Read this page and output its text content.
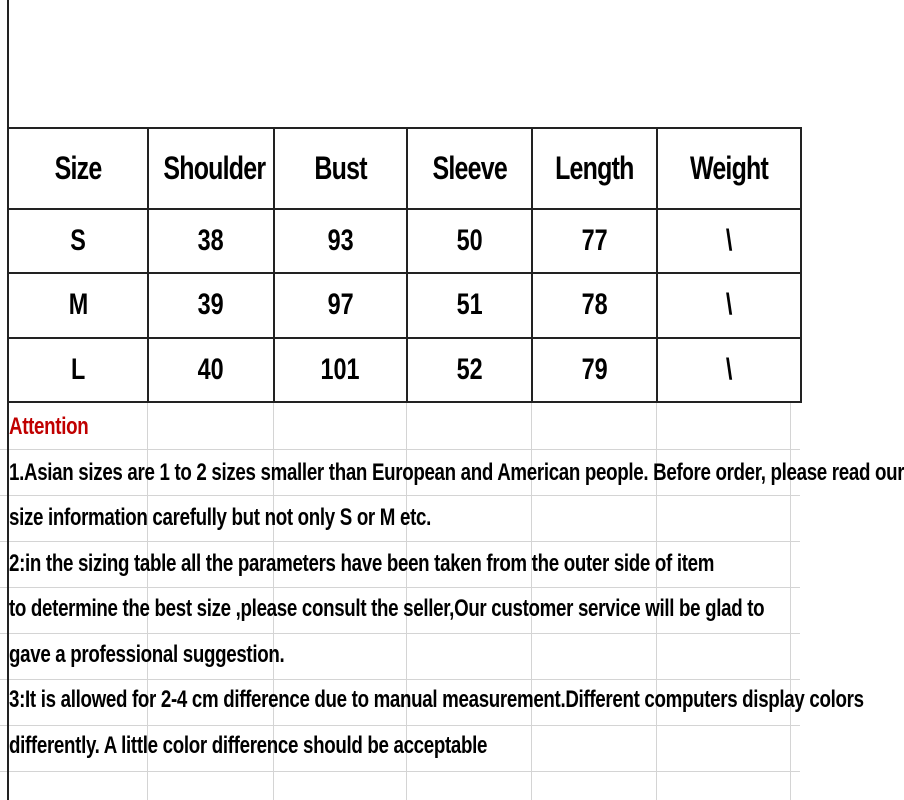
Size	Shoulder	Bust	Sleeve	Length	Weight
S	38	93	50	77	\
M	39	97	51	78	\
L	40	101	52	79	\
Attention
1.Asian sizes are 1 to 2 sizes smaller than European and American people. Before order, please read our
size information carefully but not only S or M etc.
2:in the sizing table all the parameters have been taken from the outer side of item
to determine the best size ,please consult the seller,Our customer service will be glad to
gave a professional suggestion.
3:It is allowed for 2-4 cm difference due to manual measurement.Different computers display colors
differently. A little color difference should be acceptable
